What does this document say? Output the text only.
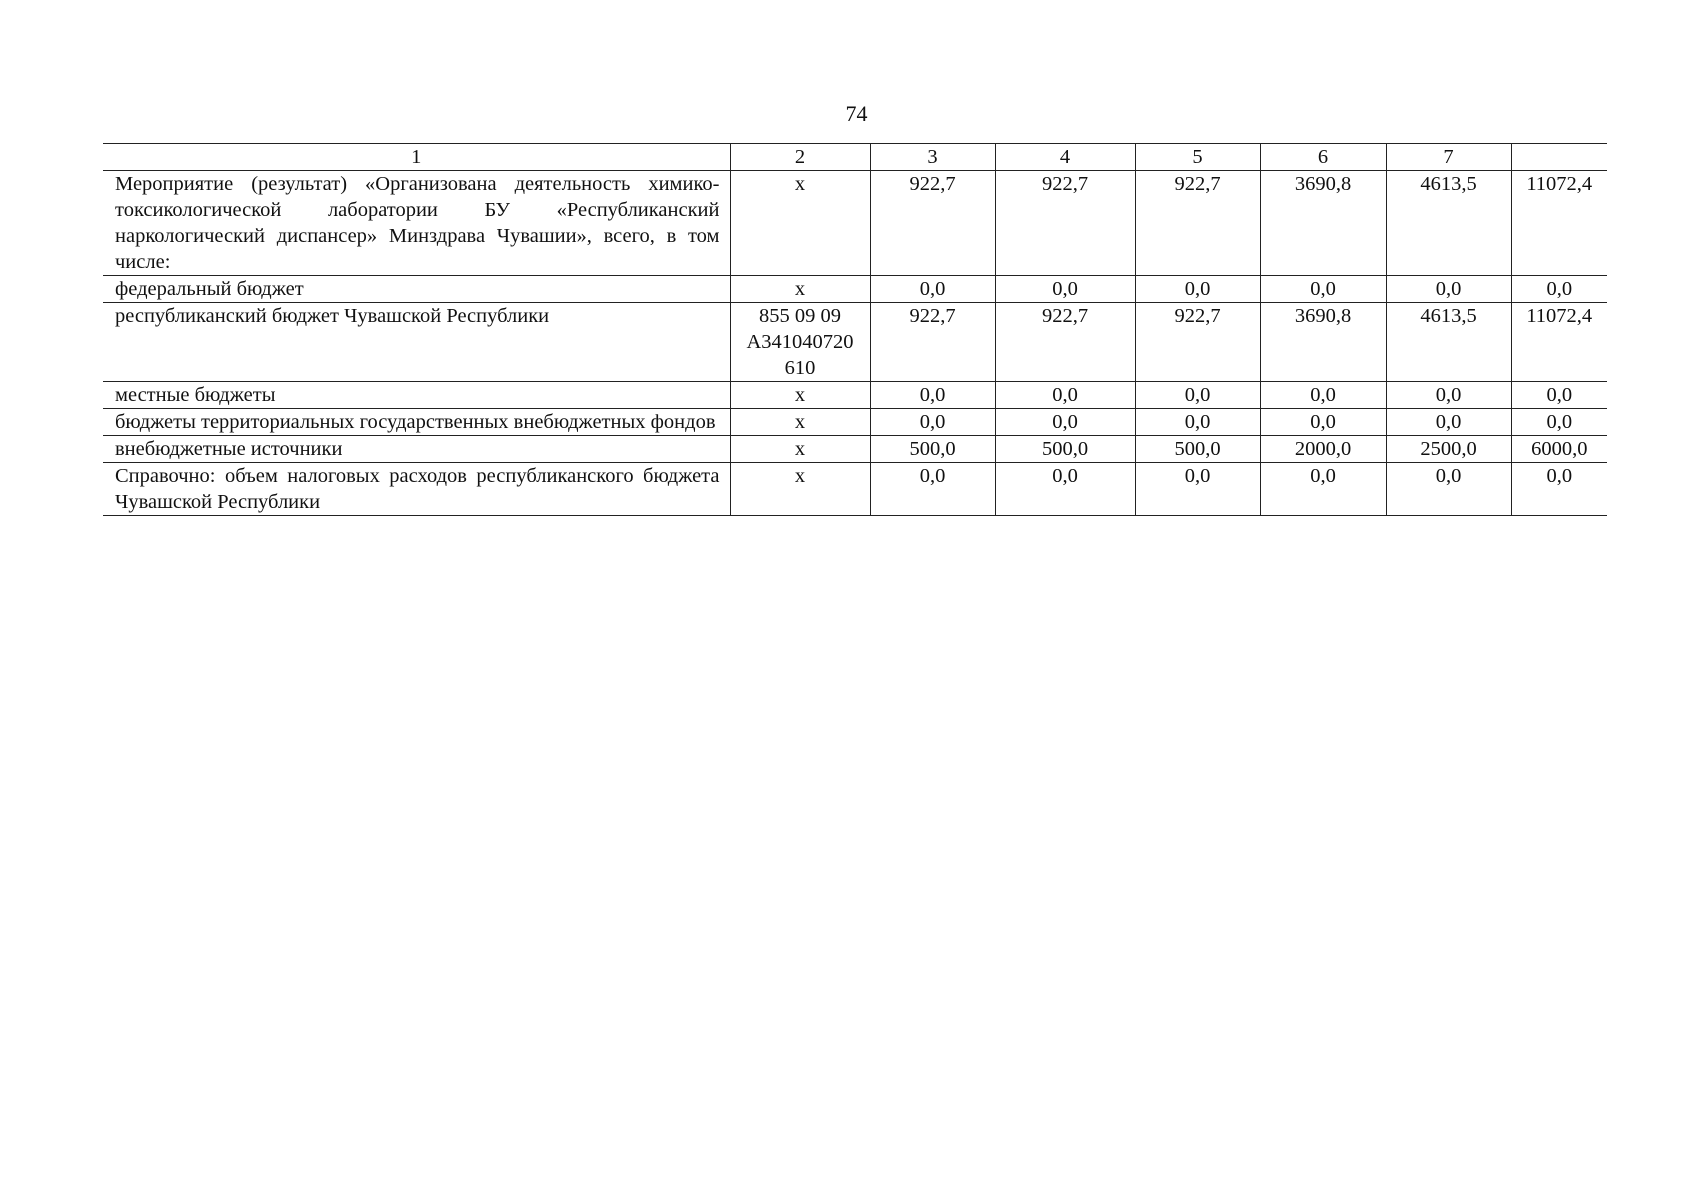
74
1	2	3	4	5	6	7	
Мероприятие (результат) «Организована деятельность химико-токсикологической лаборатории БУ «Республиканский наркологический диспансер» Минздрава Чувашии», всего, в том числе:	x	922,7	922,7	922,7	3690,8	4613,5	11072,4
федеральный бюджет	x	0,0	0,0	0,0	0,0	0,0	0,0
республиканский бюджет Чувашской Республики	855 09 09 А341040720 610	922,7	922,7	922,7	3690,8	4613,5	11072,4
местные бюджеты	x	0,0	0,0	0,0	0,0	0,0	0,0
бюджеты территориальных государственных внебюджетных фондов	x	0,0	0,0	0,0	0,0	0,0	0,0
внебюджетные источники	x	500,0	500,0	500,0	2000,0	2500,0	6000,0
Справочно: объем налоговых расходов республиканского бюджета Чувашской Республики	x	0,0	0,0	0,0	0,0	0,0	0,0
